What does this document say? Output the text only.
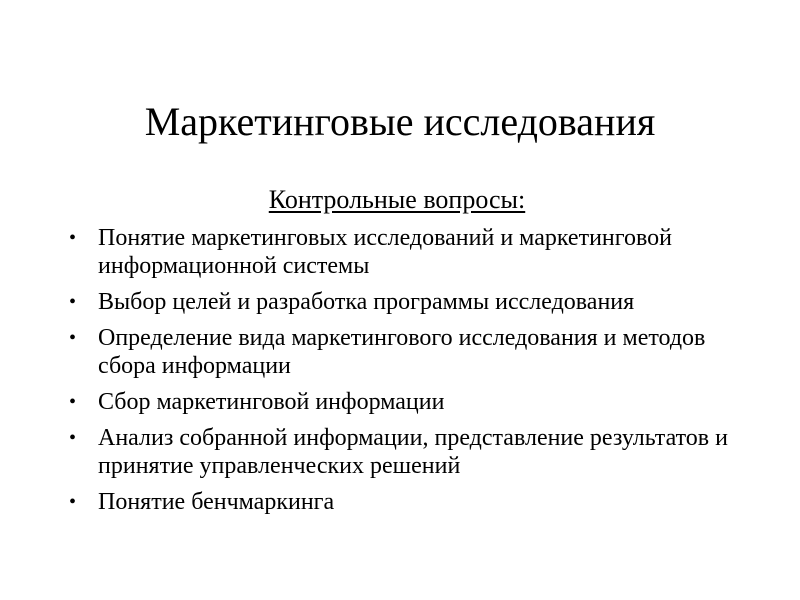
Маркетинговые исследования
Контрольные вопросы:
• Понятие маркетинговых исследований и маркетинговой информационной системы
• Выбор целей и разработка программы исследования
• Определение вида маркетингового исследования и методов сбора информации
• Сбор маркетинговой информации
• Анализ собранной информации, представление результатов и принятие управленческих решений
• Понятие бенчмаркинга
